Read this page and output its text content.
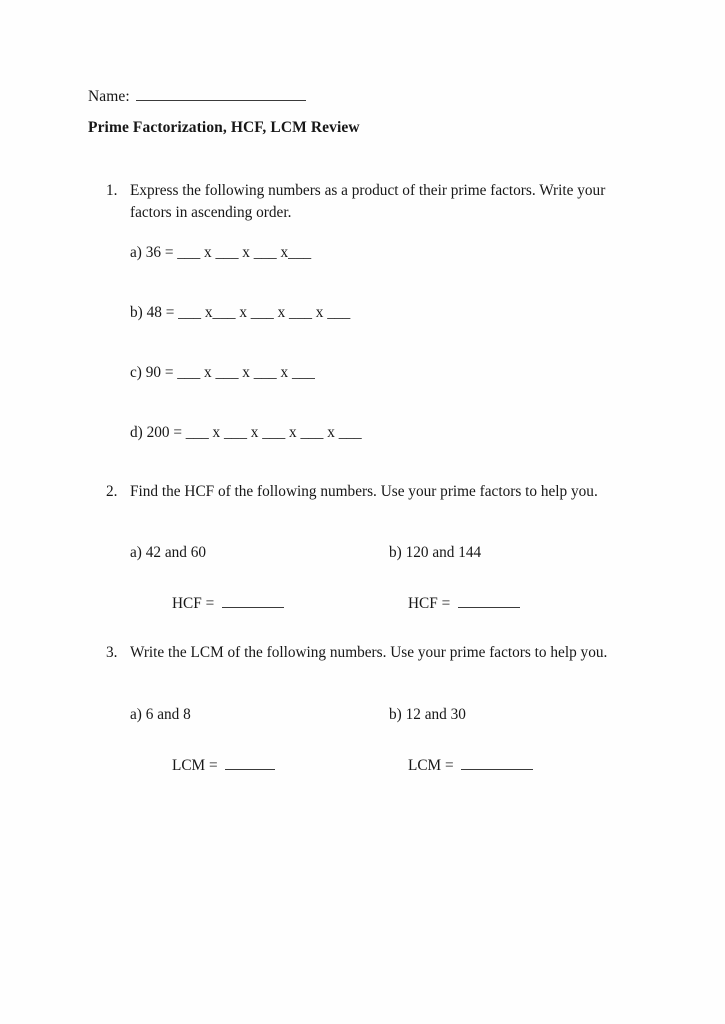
Name:
Prime Factorization, HCF, LCM Review
1. Express the following numbers as a product of their prime factors. Write your factors in ascending order.
a) 36 = ___ x ___ x ___ x___
b) 48 = ___ x___ x ___ x ___ x ___
c) 90 = ___ x ___ x ___ x ___
d) 200 = ___ x ___ x ___ x ___ x ___
2. Find the HCF of the following numbers. Use your prime factors to help you.
a) 42 and 60	b) 120 and 144
HCF =	HCF =
3. Write the LCM of the following numbers. Use your prime factors to help you.
a) 6 and 8	b) 12 and 30
LCM =	LCM =
